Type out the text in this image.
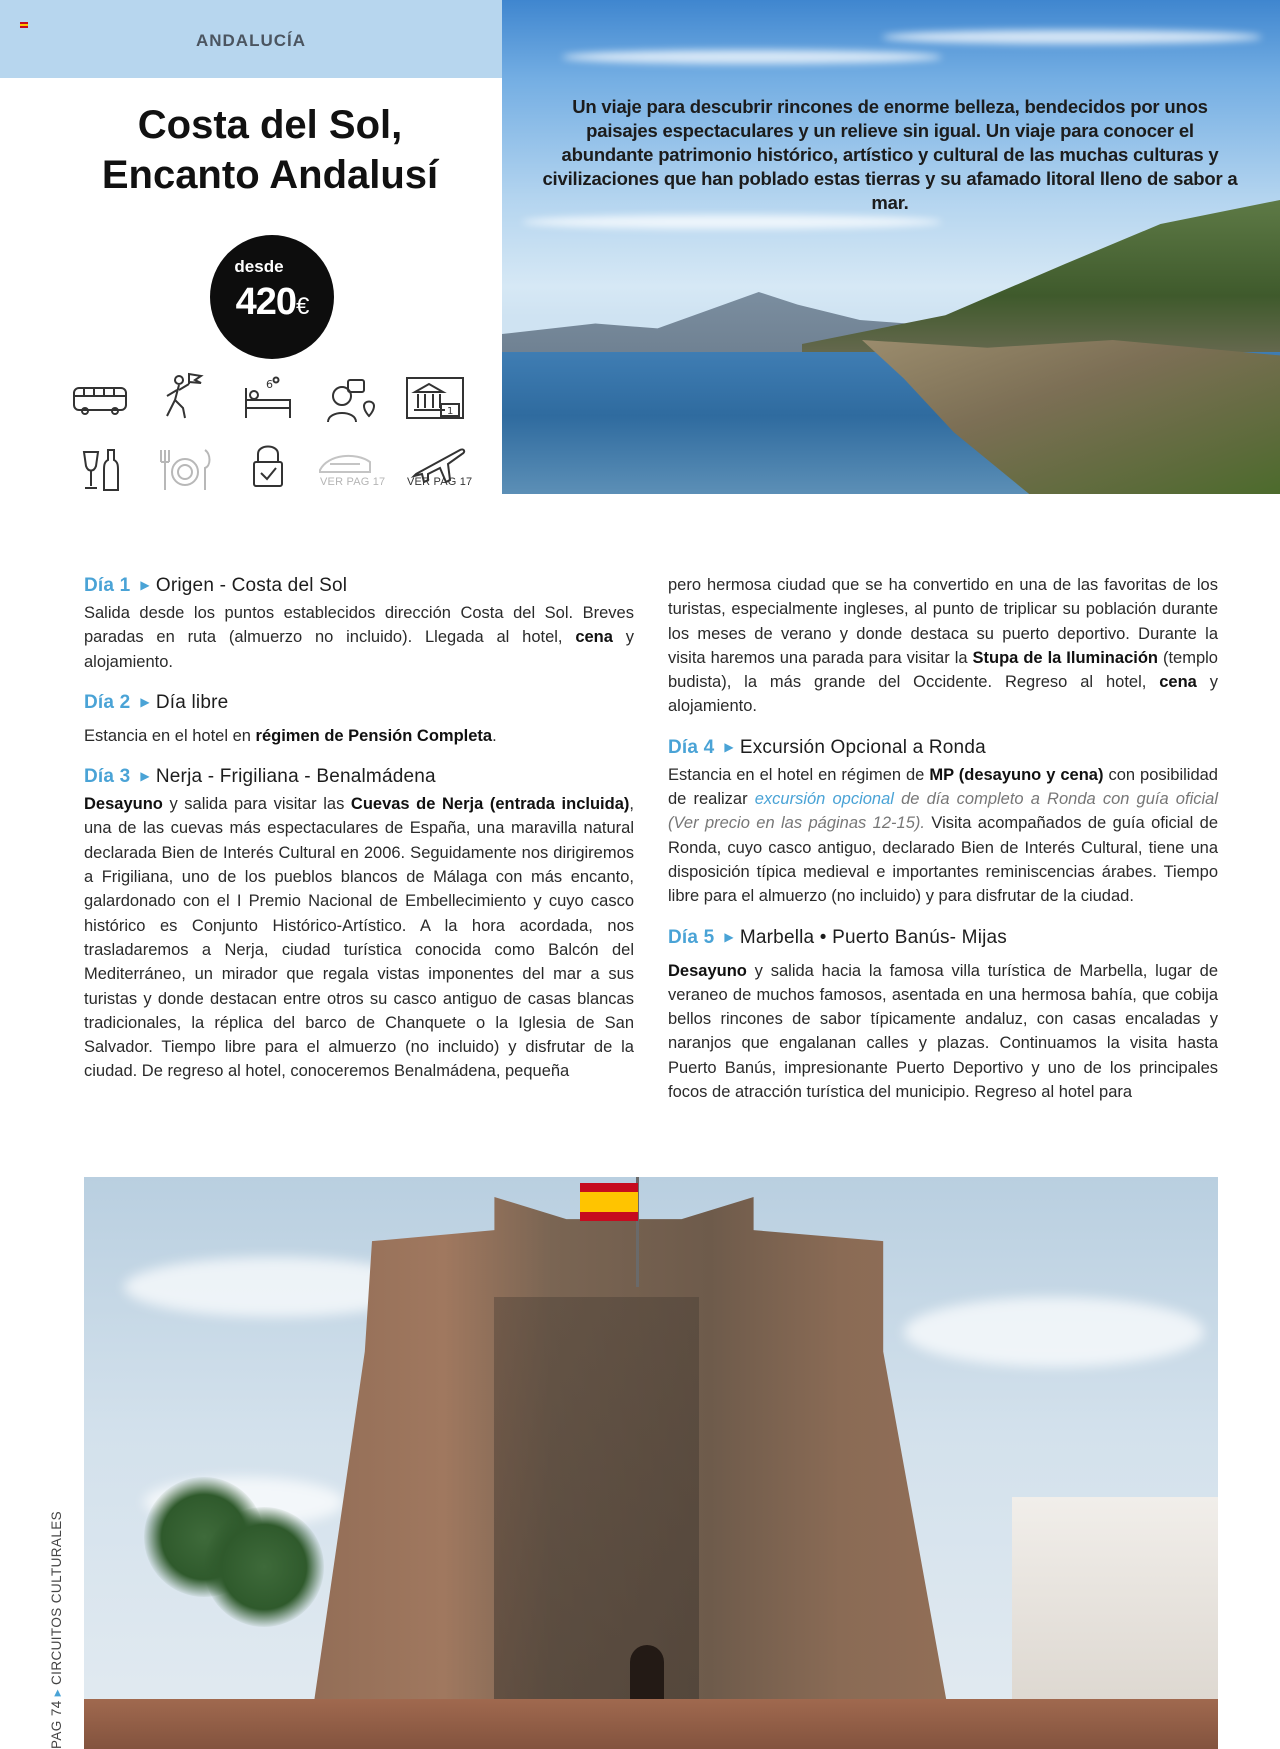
ANDALUCÍA
Un viaje para descubrir rincones de enorme belleza, bendecidos por unos paisajes espectaculares y un relieve sin igual. Un viaje para conocer el abundante patrimonio histórico, artístico y cultural de las muchas culturas y civilizaciones que han poblado estas tierras y su afamado litoral lleno de sabor a mar.
Costa del Sol,
Encanto Andalusí
desde
420€
6
1
VER PAG 17 VER PAG 17
Día 1 ▶ Origen - Costa del Sol

Salida desde los puntos establecidos dirección Costa del Sol. Breves paradas en ruta (almuerzo no incluido). Llegada al hotel, cena y alojamiento.

Día 2 ▶ Día libre

Estancia en el hotel en régimen de Pensión Completa.

Día 3 ▶ Nerja - Frigiliana - Benalmádena

Desayuno y salida para visitar las Cuevas de Nerja (entrada incluida), una de las cuevas más espectaculares de España, una maravilla natural declarada Bien de Interés Cultural en 2006. Seguidamente nos dirigiremos a Frigiliana, uno de los pueblos blancos de Málaga con más encanto, galardonado con el I Premio Nacional de Embellecimiento y cuyo casco histórico es Conjunto Histórico-Artístico. A la hora acordada, nos trasladaremos a Nerja, ciudad turística conocida como Balcón del Mediterráneo, un mirador que regala vistas imponentes del mar a sus turistas y donde destacan entre otros su casco antiguo de casas blancas tradicionales, la réplica del barco de Chanquete o la Iglesia de San Salvador. Tiempo libre para el almuerzo (no incluido) y disfrutar de la ciudad. De regreso al hotel, conoceremos Benalmádena, pequeña

pero hermosa ciudad que se ha convertido en una de las favoritas de los turistas, especialmente ingleses, al punto de triplicar su población durante los meses de verano y donde destaca su puerto deportivo. Durante la visita haremos una parada para visitar la Stupa de la Iluminación (templo budista), la más grande del Occidente. Regreso al hotel, cena y alojamiento.

Día 4 ▶ Excursión Opcional a Ronda

Estancia en el hotel en régimen de MP (desayuno y cena) con posibilidad de realizar excursión opcional de día completo a Ronda con guía oficial (Ver precio en las páginas 12-15). Visita acompañados de guía oficial de Ronda, cuyo casco antiguo, declarado Bien de Interés Cultural, tiene una disposición típica medieval e importantes reminiscencias árabes. Tiempo libre para el almuerzo (no incluido) y para disfrutar de la ciudad.

Día 5 ▶ Marbella • Puerto Banús- Mijas

Desayuno y salida hacia la famosa villa turística de Marbella, lugar de veraneo de muchos famosos, asentada en una hermosa bahía, que cobija bellos rincones de sabor típicamente andaluz, con casas encaladas y naranjos que engalanan calles y plazas. Continuamos la visita hasta Puerto Banús, impresionante Puerto Deportivo y uno de los principales focos de atracción turística del municipio. Regreso al hotel para

PAG 74▶CIRCUITOS CULTURALES
